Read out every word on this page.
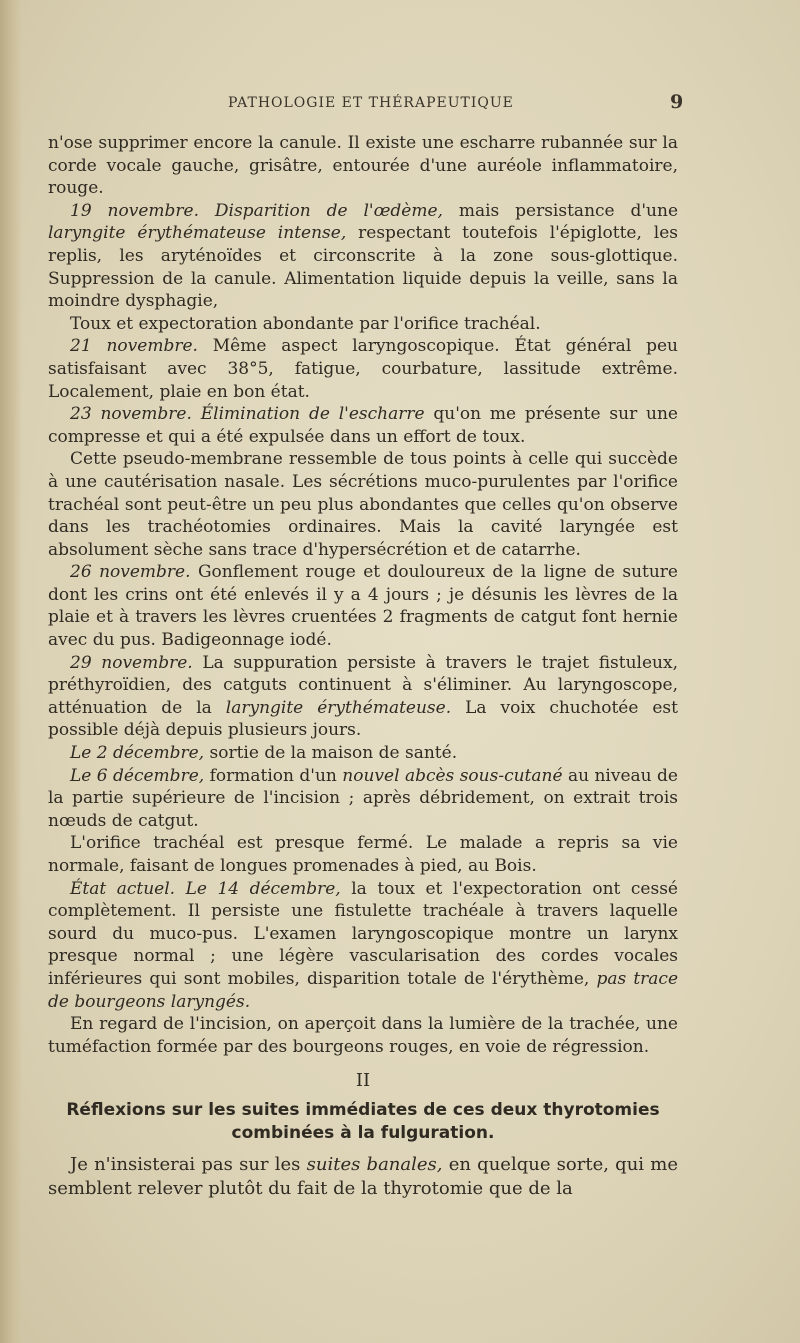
PATHOLOGIE ET THÉRAPEUTIQUE	9

n'ose supprimer encore la canule. Il existe une escharre rubannée sur la corde vocale gauche, grisâtre, entourée d'une auréole inflammatoire, rouge.

19 novembre. Disparition de l'œdème, mais persistance d'une laryngite érythémateuse intense, respectant toutefois l'épiglotte, les replis, les aryténoïdes et circonscrite à la zone sous-glottique. Suppression de la canule. Alimentation liquide depuis la veille, sans la moindre dysphagie,

Toux et expectoration abondante par l'orifice trachéal.

21 novembre. Même aspect laryngoscopique. État général peu satisfaisant avec 38°5, fatigue, courbature, lassitude extrême. Localement, plaie en bon état.

23 novembre. Élimination de l'escharre qu'on me présente sur une compresse et qui a été expulsée dans un effort de toux.

Cette pseudo-membrane ressemble de tous points à celle qui succède à une cautérisation nasale. Les sécrétions muco-purulentes par l'orifice trachéal sont peut-être un peu plus abondantes que celles qu'on observe dans les trachéotomies ordinaires. Mais la cavité laryngée est absolument sèche sans trace d'hypersécrétion et de catarrhe.

26 novembre. Gonflement rouge et douloureux de la ligne de suture dont les crins ont été enlevés il y a 4 jours ; je désunis les lèvres de la plaie et à travers les lèvres cruentées 2 fragments de catgut font hernie avec du pus. Badigeonnage iodé.

29 novembre. La suppuration persiste à travers le trajet fistuleux, préthyroïdien, des catguts continuent à s'éliminer. Au laryngoscope, atténuation de la laryngite érythémateuse. La voix chuchotée est possible déjà depuis plusieurs jours.

Le 2 décembre, sortie de la maison de santé.

Le 6 décembre, formation d'un nouvel abcès sous-cutané au niveau de la partie supérieure de l'incision ; après débridement, on extrait trois nœuds de catgut.

L'orifice trachéal est presque fermé. Le malade a repris sa vie normale, faisant de longues promenades à pied, au Bois.

État actuel. Le 14 décembre, la toux et l'expectoration ont cessé complètement. Il persiste une fistulette trachéale à travers laquelle sourd du muco-pus. L'examen laryngoscopique montre un larynx presque normal ; une légère vascularisation des cordes vocales inférieures qui sont mobiles, disparition totale de l'érythème, pas trace de bourgeons laryngés.

En regard de l'incision, on aperçoit dans la lumière de la trachée, une tuméfaction formée par des bourgeons rouges, en voie de régression.

II

Réflexions sur les suites immédiates de ces deux thyrotomies
combinées à la fulguration.

Je n'insisterai pas sur les suites banales, en quelque sorte, qui me semblent relever plutôt du fait de la thyrotomie que de la
